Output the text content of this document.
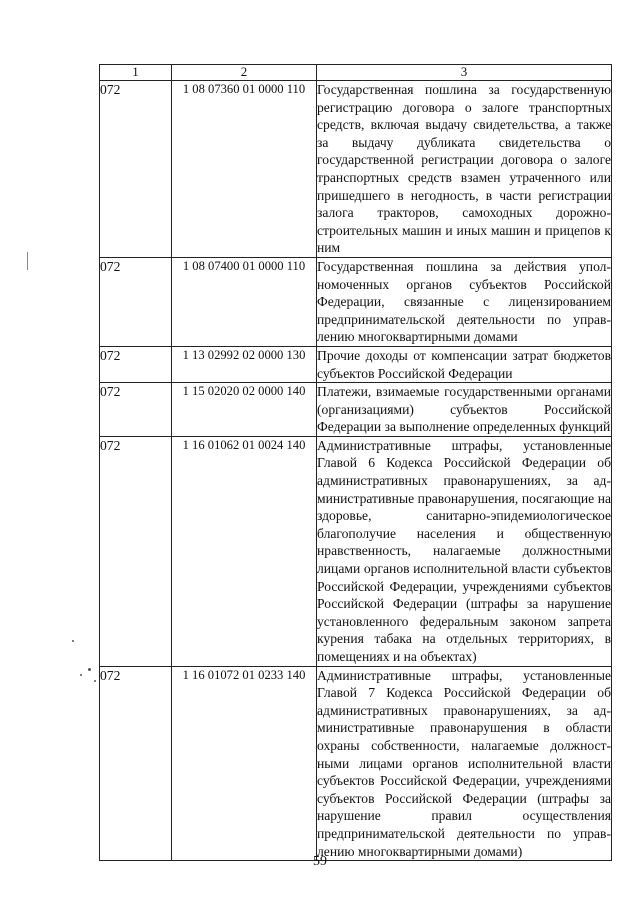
1	2	3
072	1 08 07360 01 0000 110	Государственная пошлина за государственную регистрацию договора о залоге транспортных средств, включая выдачу свидетельства, а также за выдачу дубликата свидетельства о государственной регистрации договора о залоге транспортных средств взамен утраченного или пришедшего в негодность, в части регистрации залога тракторов, самоходных дорожно-строительных машин и иных машин и прицепов к ним
072	1 08 07400 01 0000 110	Государственная пошлина за действия уполномоченных органов субъектов Российской Федерации, связанные с лицензированием предпринимательской деятельности по управлению многоквартирными домами
072	1 13 02992 02 0000 130	Прочие доходы от компенсации затрат бюджетов субъектов Российской Федерации
072	1 15 02020 02 0000 140	Платежи, взимаемые государственными органами (организациями) субъектов Российской Федерации за выполнение определенных функций
072	1 16 01062 01 0024 140	Административные штрафы, установленные Главой 6 Кодекса Российской Федерации об административных правонарушениях, за административные правонарушения, посягающие на здоровье, санитарно-эпидемиологическое благополучие населения и общественную нравственность, налагаемые должностными лицами органов исполнительной власти субъектов Российской Федерации, учреждениями субъектов Российской Федерации (штрафы за нарушение установленного федеральным законом запрета курения табака на отдельных территориях, в помещениях и на объектах)
072	1 16 01072 01 0233 140	Административные штрафы, установленные Главой 7 Кодекса Российской Федерации об административных правонарушениях, за административные правонарушения в области охраны собственности, налагаемые должностными лицами органов исполнительной власти субъектов Российской Федерации, учреждениями субъектов Российской Федерации (штрафы за нарушение правил осуществления предпринимательской деятельности по управлению многоквартирными домами)
59
